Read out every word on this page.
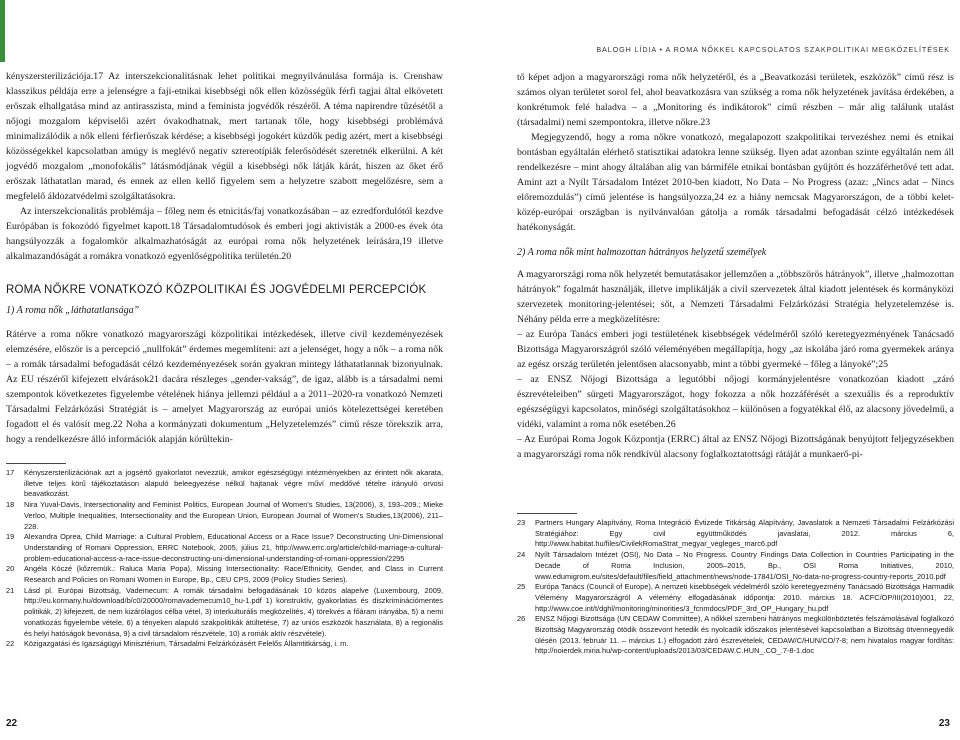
BALOGH LÍDIA • A ROMA NŐKKEL KAPCSOLATOS SZAKPOLITIKAI MEGKÖZELÍTÉSEK

kényszersterilizációja.17 Az interszekcionalitásnak lehet politikai megnyilvánulása formája is. Crenshaw klasszikus példája erre a jelenségre a faji-etnikai kisebbségi nők ellen közösségük férfi tagjai által elkövetett erőszak elhallgatása mind az antirasszista, mind a feminista jogvédők részéről. A téma napirendre tűzésétől a nőjogi mozgalom képviselői azért óvakodhatnak, mert tartanak tőle, hogy kisebbségi problémává minimalizálódik a nők elleni férfierőszak kérdése; a kisebbségi jogokért küzdők pedig azért, mert a kisebbségi közösségekkel kapcsolatban amúgy is meglévő negatív sztereotípiák felerősödését szeretnék elkerülni. A két jogvédő mozgalom „monofokális” látásmódjának végül a kisebbségi nők látják kárát, hiszen az őket érő erőszak láthatatlan marad, és ennek az ellen kellő figyelem sem a helyzetre szabott megelőzésre, sem a megfelelő áldozatvédelmi szolgáltatásokra.

Az interszekcionalitás problémája – főleg nem és etnicitás/faj vonatkozásában – az ezredfordulótól kezdve Európában is fokozódó figyelmet kapott.18 Társadalomtudósok és emberi jogi aktivisták a 2000-es évek óta hangsúlyozzák a fogalomkör alkalmazhatóságát az európai roma nők helyzetének leírására,19 illetve alkalmazandóságát a romákra vonatkozó egyenlőségpolitika területén.20

ROMA NŐKRE VONATKOZÓ KÖZPOLITIKAI ÉS JOGVÉDELMI PERCEPCIÓK
1) A roma nők „láthatatlansága”

Rátérve a roma nőkre vonatkozó magyarországi közpolitikai intézkedések, illetve civil kezdeményezések elemzésére, először is a percepció „nullfokát” érdemes megemlíteni: azt a jelenséget, hogy a nők – a roma nők – a romák társadalmi befogadását célzó kezdeményezések során gyakran mintegy láthatatlannak bizonyulnak. Az EU részéről kifejezett elvárások21 dacára részleges „gender-vakság”, de igaz, alább is a társadalmi nemi szempontok következetes figyelembe vételének hiánya jellemzi például a a 2011–2020-ra vonatkozó Nemzeti Társadalmi Felzárkózási Stratégiát is – amelyet Magyarország az európai uniós kötelezettségei keretében fogadott el és valósít meg.22 Noha a kormányzati dokumentum „Helyzetelemzés” című része törekszik arra, hogy a rendelkezésre álló információk alapján körültekin-

17	Kényszersterilizációnak azt a jogsértő gyakorlatot nevezzük, amikor egészségügyi intézményekben az érintett nők akarata, illetve teljes körű tájékoztatáson alapuló beleegyezése nélkül hajtanak végre műví meddővé tételre irányuló orvosi beavatkozást.
18	Nira Yuval-Davis, Intersectionality and Feminist Politics, European Journal of Women's Studies, 13(2006), 3, 193–209.; Mieke Verloo, Multiple Inequalities, Intersectionality and the European Union, European Journal of Women's Studies,13(2006), 211–228.
19	Alexandra Oprea, Child Marriage: a Cultural Problem, Educational Access or a Race Issue? Deconstructing Uni-Dimensional Understanding of Romani Oppression, ERRC Notebook, 2005, július 21, http://www.errc.org/article/child-marriage-a-cultural-problem-educational-access-a-race-issue-deconstructing-uni-dimensional-understanding-of-romani-oppression/2295
20	Angéla Kóczé (kőzremük.: Raluca Maria Popa), Missing Intersectionality: Race/Ethnicity, Gender, and Class in Current Research and Policies on Romani Women in Europe, Bp., CEU CPS, 2009 (Policy Studies Series).
21	Lásd pl. Európai Bizottság, Vademecum: A romák társadalmi befogadásának 10 közös alapelve (Luxembourg, 2009, http://eu.kormany.hu/download/b/c0/20000/romavademecum10_hu-1.pdf 1) konstruktív, gyakorlatias és diszkriminációmentes politikák, 2) kifejezett, de nem kizárólagos célba vétel, 3) interkulturális megközelítés, 4) törekvés a főáram irányába, 5) a nemi vonatkozás figyelembe vétele, 6) a tényeken alapuló szakpolitikák átültetése, 7) az uniós eszközök használata, 8) a regionális és helyi hatóságok bevonása, 9) a civil társadalom részvétele, 10) a romák aktív részvétele).
22	Közigazgatási és Igazságügyi Minisztérium, Társadalmi Felzárkózásért Felelős Államtitkárság, i. m.

tő képet adjon a magyarországi roma nők helyzetéről, és a „Beavatkozási területek, eszközök” című rész is számos olyan területet sorol fel, ahol beavatkozásra van szükség a roma nők helyzetének javítása érdekében, a konkrétumok felé haladva – a „Monitoring és indikátorok” című részben – már alig találunk utalást (társadalmi) nemi szempontokra, illetve nőkre.23

Megjegyzendő, hogy a roma nőkre vonatkozó, megalapozott szakpolitikai tervezéshez nemi és etnikai bontásban egyáltalán elérhető statisztikai adatokra lenne szükség. Ilyen adat azonban szinte egyáltalán nem áll rendelkezésre – mint ahogy általában alig van bármiféle etnikai bontásban gyűjtött és hozzáférhetővé tett adat. Amint azt a Nyílt Társadalom Intézet 2010-ben kiadott, No Data – No Progress (azaz: „Nincs adat – Nincs előremozdulás”) című jelentése is hangsúlyozza,24 ez a hiány nemcsak Magyarországon, de a többi kelet-közép-európai országban is nyilvánvalóan gátolja a romák társadalmi befogadását célzó intézkedések hatékonyságát.

2) A roma nők mint halmozottan hátrányos helyzetű személyek

A magyarországi roma nők helyzetét bemutatásakor jellemzően a „többszörös hátrányok”, illetve „halmozottan hátrányok” fogalmát használják, illetve implikálják a civil szervezetek által kiadott jelentések és kormányközi szervezetek monitoring-jelentései; sőt, a Nemzeti Társadalmi Felzárkózási Stratégia helyzetelemzése is. Néhány példa erre a megközelítésre:

– az Európa Tanács emberi jogi testületének kisebbségek védelméről szóló keretegyezményének Tanácsadó Bizottsága Magyarországról szóló véleményében megállapítja, hogy „az iskolába járó roma gyermekek aránya az egész ország területén jelentősen alacsonyabb, mint a többi gyermeké – főleg a lányoké”;25
– az ENSZ Nőjogi Bizottsága a legutóbbi nőjogi kormányjelentésre vonatkozóan kiadott „záró észrevételeiben” sürgeti Magyarországot, hogy fokozza a nők hozzáférését a szexuális és a reproduktív egészségügyi kapcsolatos, minőségi szolgáltatásokhoz – különösen a fogyatékkal élő, az alacsony jövedelmű, a vidéki, valamint a roma nők esetében.26
– Az Európai Roma Jogok Központja (ERRC) által az ENSZ Nőjogi Bizottságának benyújtott feljegyzésekben a magyarországi roma nők rendkívül alacsony foglalkoztatottsági rátáját a munkaerő-pi-
23	Partners Hungary Alapítvány, Roma Integráció Évtizede Titkárság Alapítvány, Javaslatok a Nemzeti Társadalmi Felzárkózási Stratégiához: Egy civil együttműködés javaslatai, 2012. március 6, http://www.habitat.hu/files/CivilekRomaStrat_megyar_vegleges_marc6.pdf
24	Nyílt Társadalom Intézet (OSI), No Data – No Progress. Country Findings Data Collection in Countries Participating in the Decade of Roma Inclusion, 2005–2015, Bp., OSI Roma Initiatives, 2010, www.edumigrom.eu/sites/default/files/field_attachment/news/node-17841/OSI_No-data-no-progress-country-reports_2010.pdf
25	Európa Tanács (Council of Europe), A nemzeti kisebbségek védelméről szóló keretegyezmény Tanácsadó Bizottsága Harmadik Vélemény Magyarországról A vélemény elfogadásának időpontja: 2010. március 18. ACFC/OP/III(2010)001, 22, http://www.coe.int/t/dghl/monitoring/minorities/3_fcnmdocs/PDF_3rd_OP_Hungary_hu.pdf
26	ENSZ Nőjogi Bizottsága (UN CEDAW Committee), A nőkkel szembeni hátrányos megkülönböztetés felszámolásával foglalkozó Bizottság Magyarország ötödik összevont hetedik és nyolcadik időszakos jelentésével kapcsolatban a Bizottság ötvennegyedik ülésén (2013. február 11. – március 1.) elfogadott záró észrevételek, CEDAW/C/HUN/CO/7-8; nem hivatalos magyar fordítás: http://noierdek.miria.hu/wp-content/uploads/2013/03/CEDAW.C.HUN_.CO_.7-8-1.doc
22	23
